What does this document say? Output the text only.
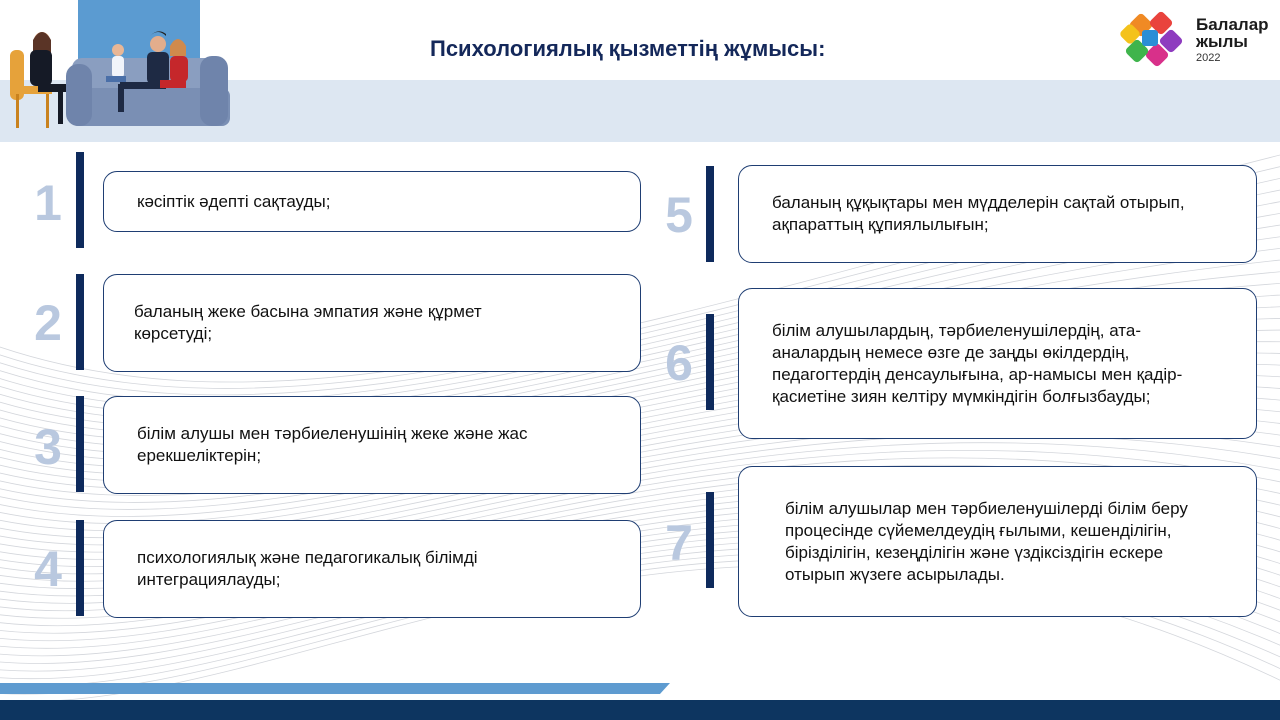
Психологиялық қызметтің жұмысы:
Балалар
жылы
2022
1	кәсіптік әдепті сақтауды;
2	баланың жеке басына эмпатия және құрмет көрсетуді;
3	білім алушы мен тәрбиеленушінің жеке және жас ерекшеліктерін;
4	психологиялық және педагогикалық білімді интеграциялауды;
5	баланың құқықтары мен мүдделерін сақтай отырып, ақпараттың құпиялылығын;
6
білім алушылардың, тәрбиеленушілердің, ата-аналардың немесе өзге де заңды өкілдердің, педагогтердің денсаулығына, ар-намысы мен қадір-қасиетіне зиян келтіру мүмкіндігін болғызбауды;
7
білім алушылар мен тәрбиеленушілерді білім беру процесінде сүйемелдеудің ғылыми, кешенділігін, біріздiлігін, кезеңділігін және үздіксіздігін ескере отырып жүзеге асырылады.
